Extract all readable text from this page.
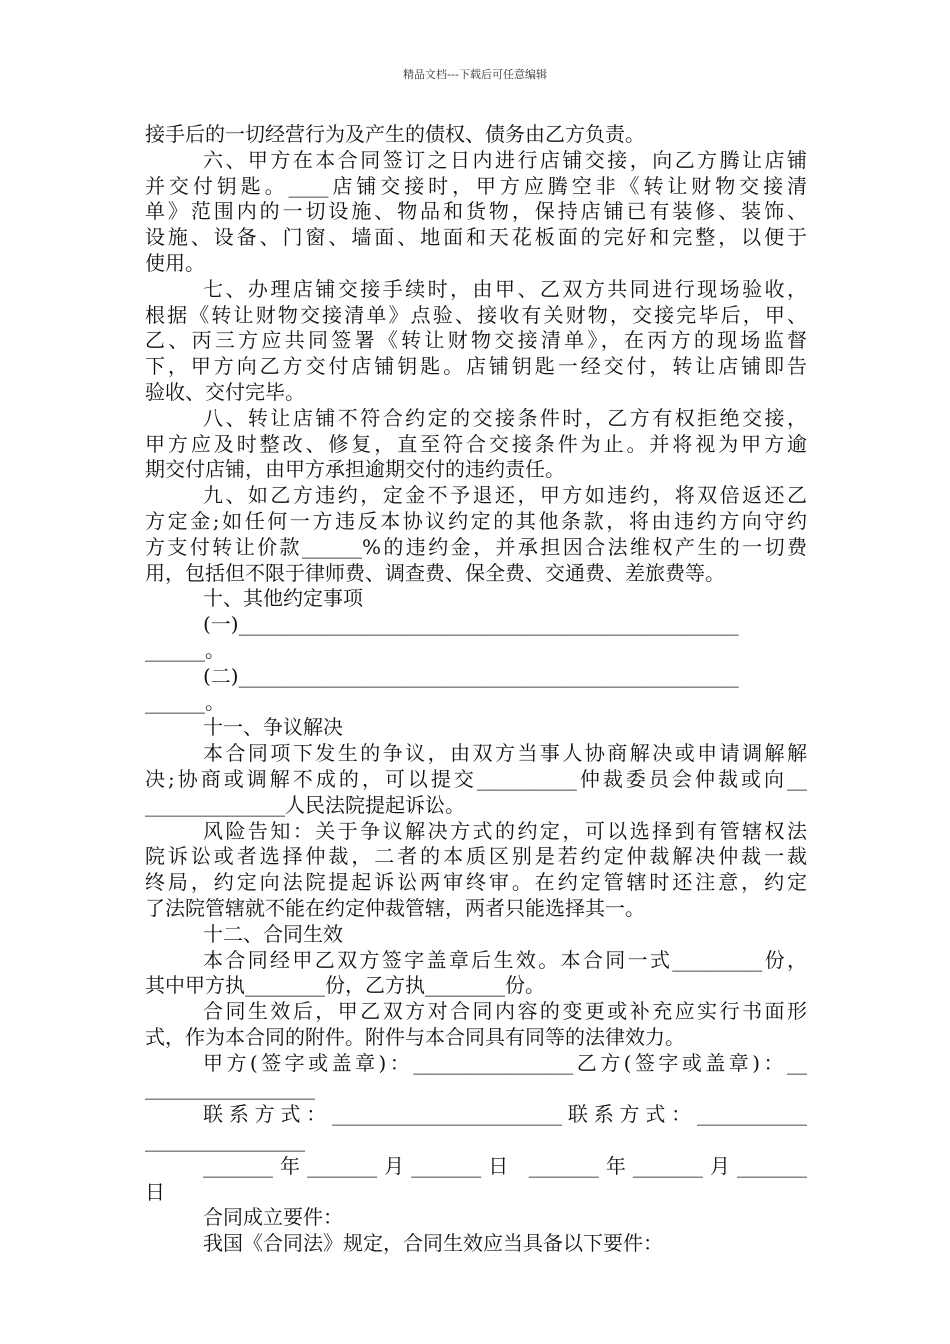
精品文档---下载后可任意编辑
接手后的一切经营行为及产生的债权、债务由乙方负责。
六、甲方在本合同签订之日内进行店铺交接，向乙方腾让店铺
并交付钥匙。____店铺交接时，甲方应腾空非《转让财物交接清
单》范围内的一切设施、物品和货物，保持店铺已有装修、装饰、
设施、设备、门窗、墙面、地面和天花板面的完好和完整，以便于
使用。
七、办理店铺交接手续时，由甲、乙双方共同进行现场验收，
根据《转让财物交接清单》点验、接收有关财物，交接完毕后，甲、
乙、丙三方应共同签署《转让财物交接清单》，在丙方的现场监督
下，甲方向乙方交付店铺钥匙。店铺钥匙一经交付，转让店铺即告
验收、交付完毕。
八、转让店铺不符合约定的交接条件时，乙方有权拒绝交接，
甲方应及时整改、修复，直至符合交接条件为止。并将视为甲方逾
期交付店铺，由甲方承担逾期交付的违约责任。
九、如乙方违约，定金不予退还，甲方如违约，将双倍返还乙
方定金;如任何一方违反本协议约定的其他条款，将由违约方向守约
方支付转让价款______%的违约金，并承担因合法维权产生的一切费
用，包括但不限于律师费、调查费、保全费、交通费、差旅费等。
十、其他约定事项
(一)__________________________________________________
______。
(二)__________________________________________________
______。
十一、争议解决
本合同项下发生的争议，由双方当事人协商解决或申请调解解
决;协商或调解不成的，可以提交__________仲裁委员会仲裁或向__
______________人民法院提起诉讼。
风险告知：关于争议解决方式的约定，可以选择到有管辖权法
院诉讼或者选择仲裁，二者的本质区别是若约定仲裁解决仲裁一裁
终局，约定向法院提起诉讼两审终审。在约定管辖时还注意，约定
了法院管辖就不能在约定仲裁管辖，两者只能选择其一。
十二、合同生效
本合同经甲乙双方签字盖章后生效。本合同一式_________份，
其中甲方执________份，乙方执________份。
合同生效后，甲乙双方对合同内容的变更或补充应实行书面形
式，作为本合同的附件。附件与本合同具有同等的法律效力。
甲方(签字或盖章)：________________乙方(签字或盖章)：__
_________________
联系方式：_______________________联系方式：___________
________________
_______年_______月_______日 _______年_______月_______
日
合同成立要件：
我国《合同法》规定，合同生效应当具备以下要件：
